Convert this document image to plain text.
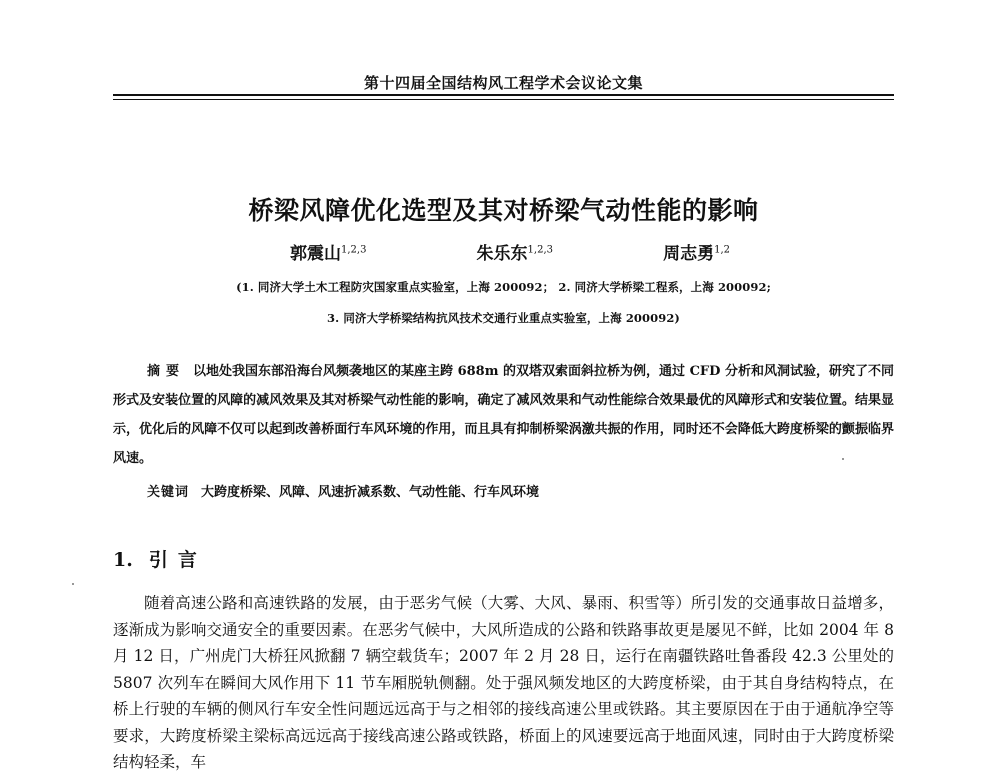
第十四届全国结构风工程学术会议论文集
桥梁风障优化选型及其对桥梁气动性能的影响
郭震山$^{1,2,3}$	朱乐东$^{1,2,3}$	周志勇$^{1,2}$
(1. 同济大学土木工程防灾国家重点实验室，上海 200092； 2. 同济大学桥梁工程系，上海 200092;
3. 同济大学桥梁结构抗风技术交通行业重点实验室，上海 200092)
摘要 以地处我国东部沿海台风频袭地区的某座主跨 688m 的双塔双索面斜拉桥为例，通过 CFD 分析和风洞试验，研究了不同形式及安装位置的风障的减风效果及其对桥梁气动性能的影响，确定了减风效果和气动性能综合效果最优的风障形式和安装位置。结果显示，优化后的风障不仅可以起到改善桥面行车风环境的作用，而且具有抑制桥梁涡激共振的作用，同时还不会降低大跨度桥梁的颤振临界风速。
关键词 大跨度桥梁、风障、风速折减系数、气动性能、行车风环境
1. 引言
随着高速公路和高速铁路的发展，由于恶劣气候（大雾、大风、暴雨、积雪等）所引发的交通事故日益增多，逐渐成为影响交通安全的重要因素。在恶劣气候中，大风所造成的公路和铁路事故更是屡见不鲜，比如 2004 年 8 月 12 日，广州虎门大桥狂风掀翻 7 辆空载货车；2007 年 2 月 28 日，运行在南疆铁路吐鲁番段 42.3 公里处的 5807 次列车在瞬间大风作用下 11 节车厢脱轨侧翻。处于强风频发地区的大跨度桥梁，由于其自身结构特点，在桥上行驶的车辆的侧风行车安全性问题远远高于与之相邻的接线高速公里或铁路。其主要原因在于由于通航净空等要求，大跨度桥梁主梁标高远远高于接线高速公路或铁路，桥面上的风速要远高于地面风速，同时由于大跨度桥梁结构轻柔，车
